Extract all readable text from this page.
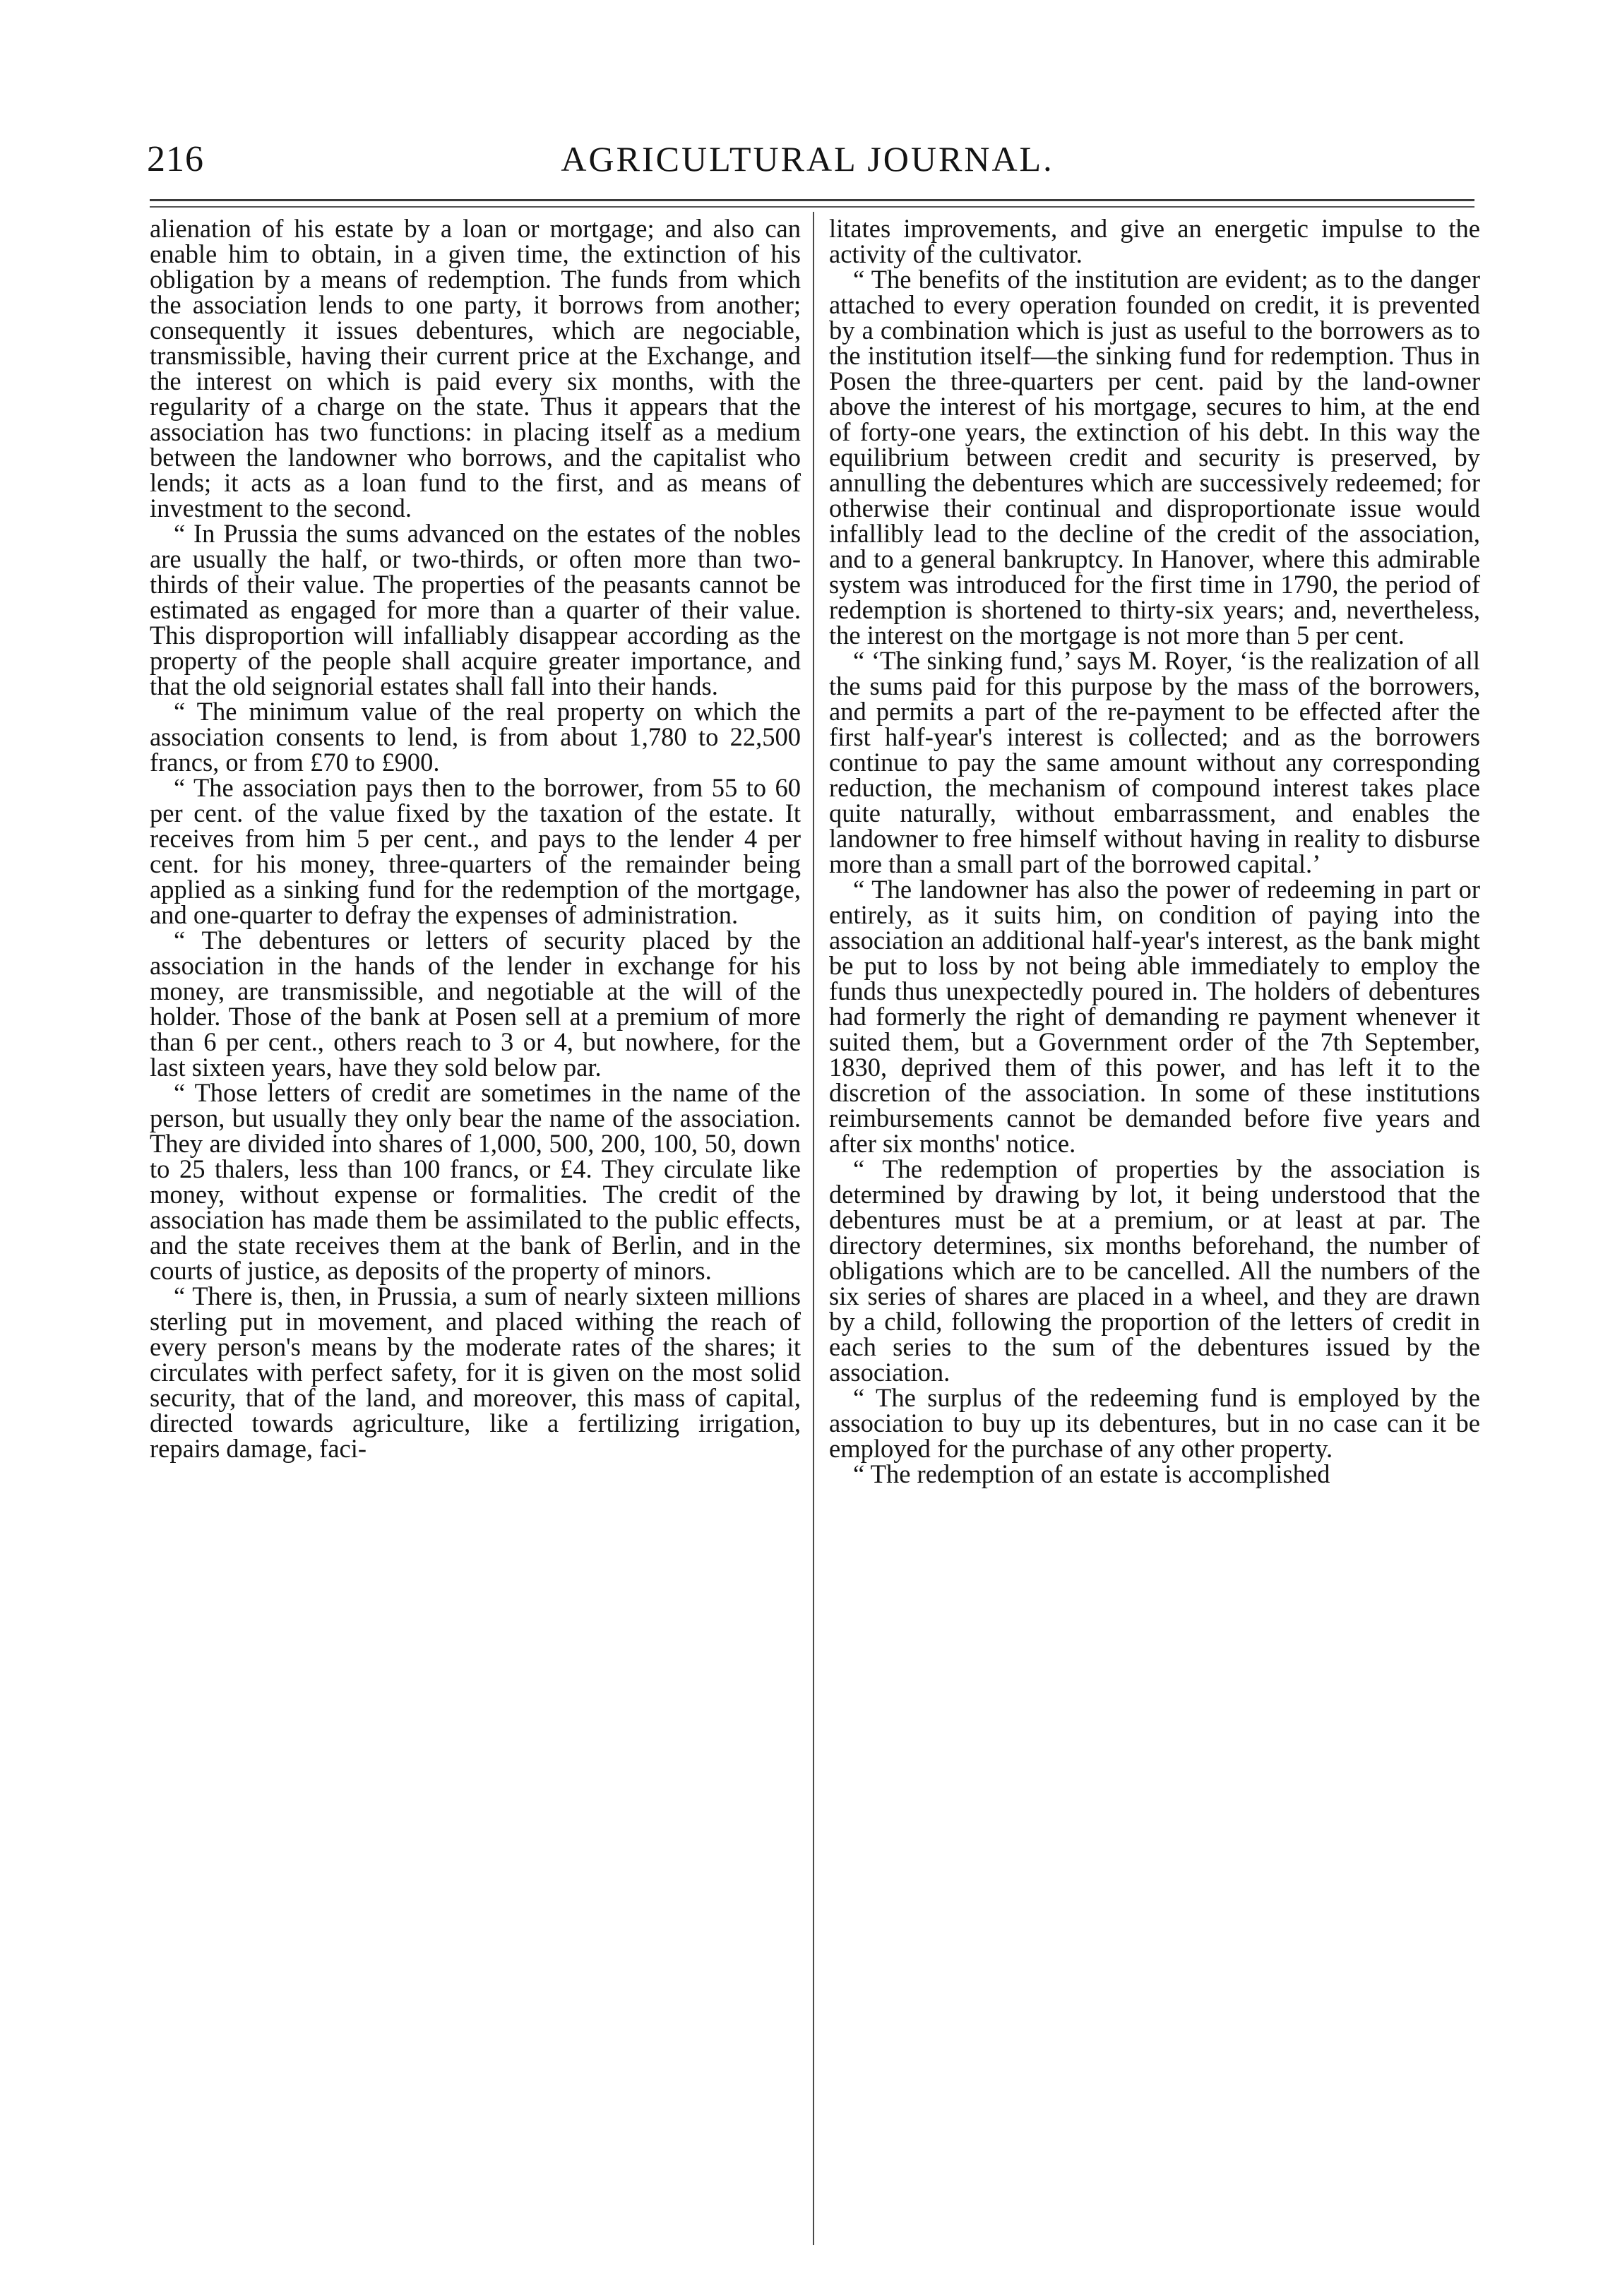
216	AGRICULTURAL JOURNAL.

alienation of his estate by a loan or mortgage; and also can enable him to obtain, in a given time, the extinction of his obligation by a means of redemption. The funds from which the association lends to one party, it borrows from another; consequently it issues debentures, which are negociable, transmissible, having their current price at the Exchange, and the interest on which is paid every six months, with the regularity of a charge on the state. Thus it appears that the association has two functions: in placing itself as a medium between the landowner who borrows, and the capitalist who lends; it acts as a loan fund to the first, and as means of investment to the second.

“ In Prussia the sums advanced on the estates of the nobles are usually the half, or two-thirds, or often more than two-thirds of their value. The properties of the peasants cannot be estimated as engaged for more than a quarter of their value. This disproportion will infalliably disappear according as the property of the people shall acquire greater importance, and that the old seignorial estates shall fall into their hands.

“ The minimum value of the real property on which the association consents to lend, is from about 1,780 to 22,500 francs, or from £70 to £900.

“ The association pays then to the borrower, from 55 to 60 per cent. of the value fixed by the taxation of the estate. It receives from him 5 per cent., and pays to the lender 4 per cent. for his money, three-quarters of the remainder being applied as a sinking fund for the redemption of the mortgage, and one-quarter to defray the expenses of administration.

“ The debentures or letters of security placed by the association in the hands of the lender in exchange for his money, are transmissible, and negotiable at the will of the holder. Those of the bank at Posen sell at a premium of more than 6 per cent., others reach to 3 or 4, but nowhere, for the last sixteen years, have they sold below par.

“ Those letters of credit are sometimes in the name of the person, but usually they only bear the name of the association. They are divided into shares of 1,000, 500, 200, 100, 50, down to 25 thalers, less than 100 francs, or £4. They circulate like money, without expense or formalities. The credit of the association has made them be assimilated to the public effects, and the state receives them at the bank of Berlin, and in the courts of justice, as deposits of the property of minors.

“ There is, then, in Prussia, a sum of nearly sixteen millions sterling put in movement, and placed withing the reach of every person's means by the moderate rates of the shares; it circulates with perfect safety, for it is given on the most solid security, that of the land, and moreover, this mass of capital, directed towards agriculture, like a fertilizing irrigation, repairs damage, faci-

litates improvements, and give an energetic impulse to the activity of the cultivator.

“ The benefits of the institution are evident; as to the danger attached to every operation founded on credit, it is prevented by a combination which is just as useful to the borrowers as to the institution itself—the sinking fund for redemption. Thus in Posen the three-quarters per cent. paid by the land-owner above the interest of his mortgage, secures to him, at the end of forty-one years, the extinction of his debt. In this way the equilibrium between credit and security is preserved, by annulling the debentures which are successively redeemed; for otherwise their continual and disproportionate issue would infallibly lead to the decline of the credit of the association, and to a general bankruptcy. In Hanover, where this admirable system was introduced for the first time in 1790, the period of redemption is shortened to thirty-six years; and, nevertheless, the interest on the mortgage is not more than 5 per cent.

“ ‘The sinking fund,’ says M. Royer, ‘is the realization of all the sums paid for this purpose by the mass of the borrowers, and permits a part of the re-payment to be effected after the first half-year's interest is collected; and as the borrowers continue to pay the same amount without any corresponding reduction, the mechanism of compound interest takes place quite naturally, without embarrassment, and enables the landowner to free himself without having in reality to disburse more than a small part of the borrowed capital.’

“ The landowner has also the power of redeeming in part or entirely, as it suits him, on condition of paying into the association an additional half-year's interest, as the bank might be put to loss by not being able immediately to employ the funds thus unexpectedly poured in. The holders of debentures had formerly the right of demanding re payment whenever it suited them, but a Government order of the 7th September, 1830, deprived them of this power, and has left it to the discretion of the association. In some of these institutions reimbursements cannot be demanded before five years and after six months' notice.

“ The redemption of properties by the association is determined by drawing by lot, it being understood that the debentures must be at a premium, or at least at par. The directory determines, six months beforehand, the number of obligations which are to be cancelled. All the numbers of the six series of shares are placed in a wheel, and they are drawn by a child, following the proportion of the letters of credit in each series to the sum of the debentures issued by the association.

“ The surplus of the redeeming fund is employed by the association to buy up its debentures, but in no case can it be employed for the purchase of any other property.

“ The redemption of an estate is accomplished
